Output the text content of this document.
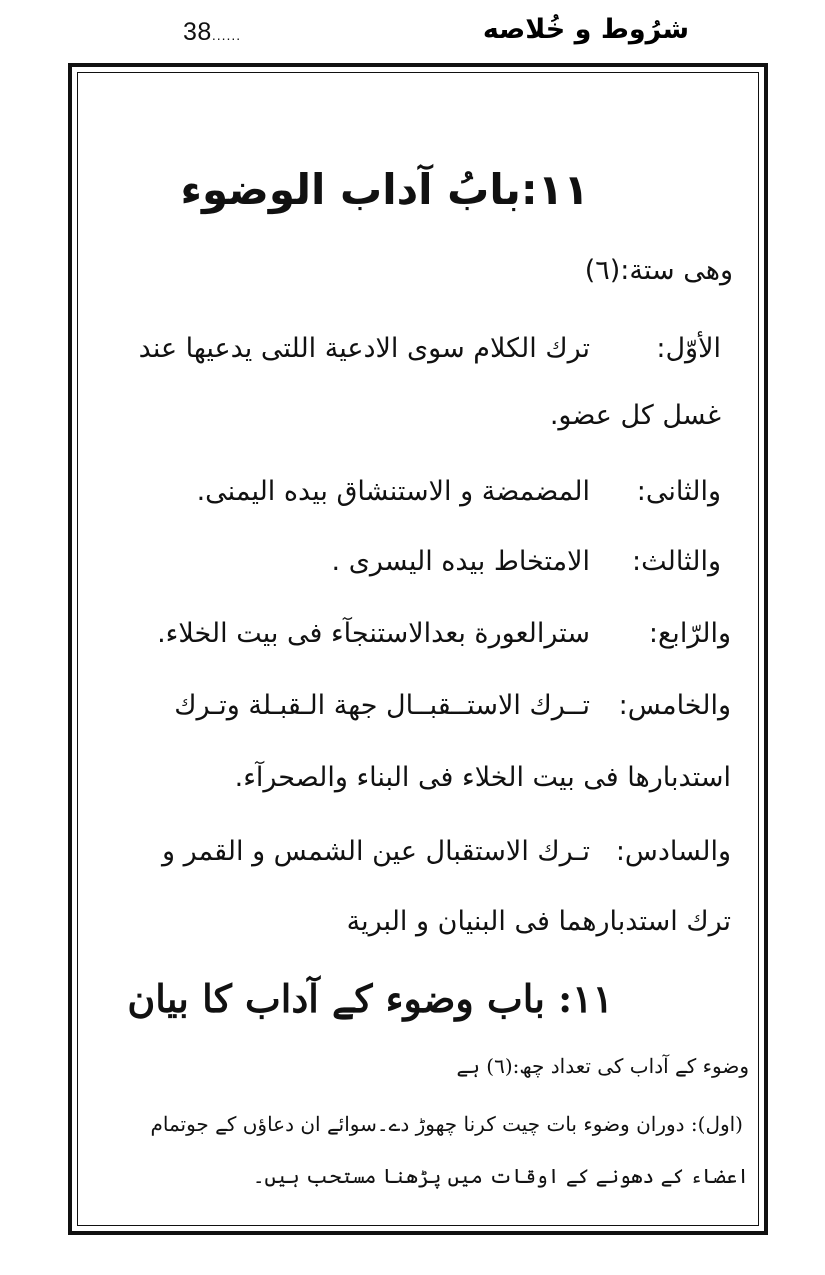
38......	شرُوط و خُلاصه
١١:بابُ آداب الوضوء
وهی ستة:(٦)
الأوّل:
ترك الكلام سوی الادعية اللتی يدعيها عند
غسل كل عضو.
والثانی:
المضمضة و الاستنشاق بيده اليمنی.
والثالث:
الامتخاط بيده اليسری .
والرّابع:
سترالعورة بعدالاستنجآء فی بيت الخلاء.
والخامس:
تــرك الاستــقبــال جهة الـقبـلة وتـرك
استدبارها فی بيت الخلاء فی البناء والصحرآء.
والسادس:
تـرك الاستقبال عين الشمس و القمر و
ترك استدبارهما فی البنيان و البرية
١١: باب وضوء کے آداب کا بیان
وضوء کے آداب کی تعداد چھ:(٦) ہے
(اول): دوران وضوء بات چیت کرنا چھوڑ دے۔سوائے ان دعاؤں کے جوتمام
اعضاء کے دھونے کے اوقات میں پڑھنا مستحب ہیں۔
